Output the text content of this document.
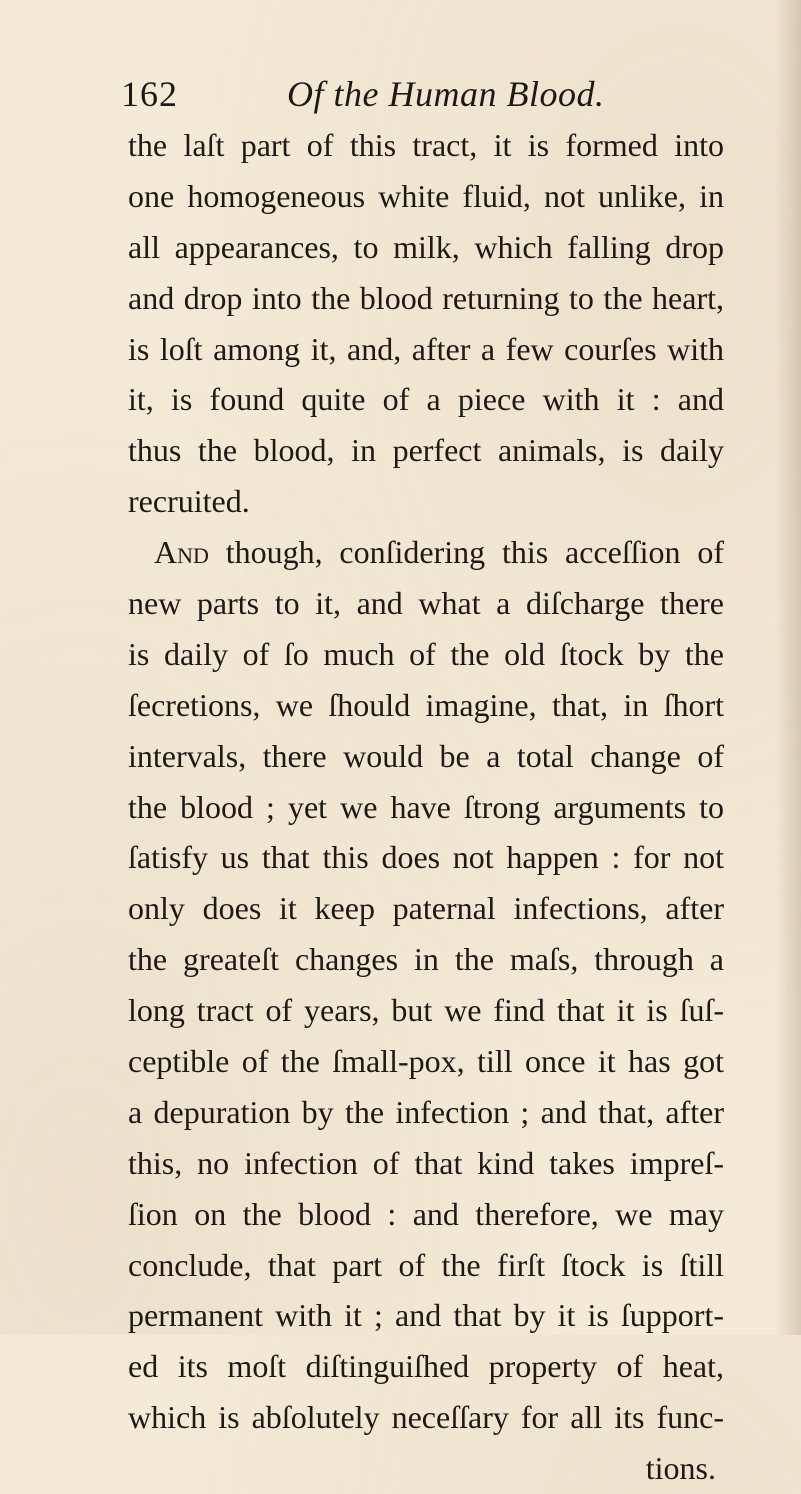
162	Of the Human Blood.
the laſt part of this tract, it is formed into
one homogeneous white fluid, not unlike, in
all appearances, to milk, which falling drop
and drop into the blood returning to the heart,
is loſt among it, and, after a few courſes with
it, is found quite of a piece with it : and
thus the blood, in perfect animals, is daily
recruited.
And though, conſidering this acceſſion of
new parts to it, and what a diſcharge there
is daily of ſo much of the old ſtock by the
ſecretions, we ſhould imagine, that, in ſhort
intervals, there would be a total change of
the blood ; yet we have ſtrong arguments to
ſatisfy us that this does not happen : for not
only does it keep paternal infections, after
the greateſt changes in the maſs, through a
long tract of years, but we find that it is ſuſ-
ceptible of the ſmall-pox, till once it has got
a depuration by the infection ; and that, after
this, no infection of that kind takes impreſ-
ſion on the blood : and therefore, we may
conclude, that part of the firſt ſtock is ſtill
permanent with it ; and that by it is ſupport-
ed its moſt diſtinguiſhed property of heat,
which is abſolutely neceſſary for all its func-
tions.
